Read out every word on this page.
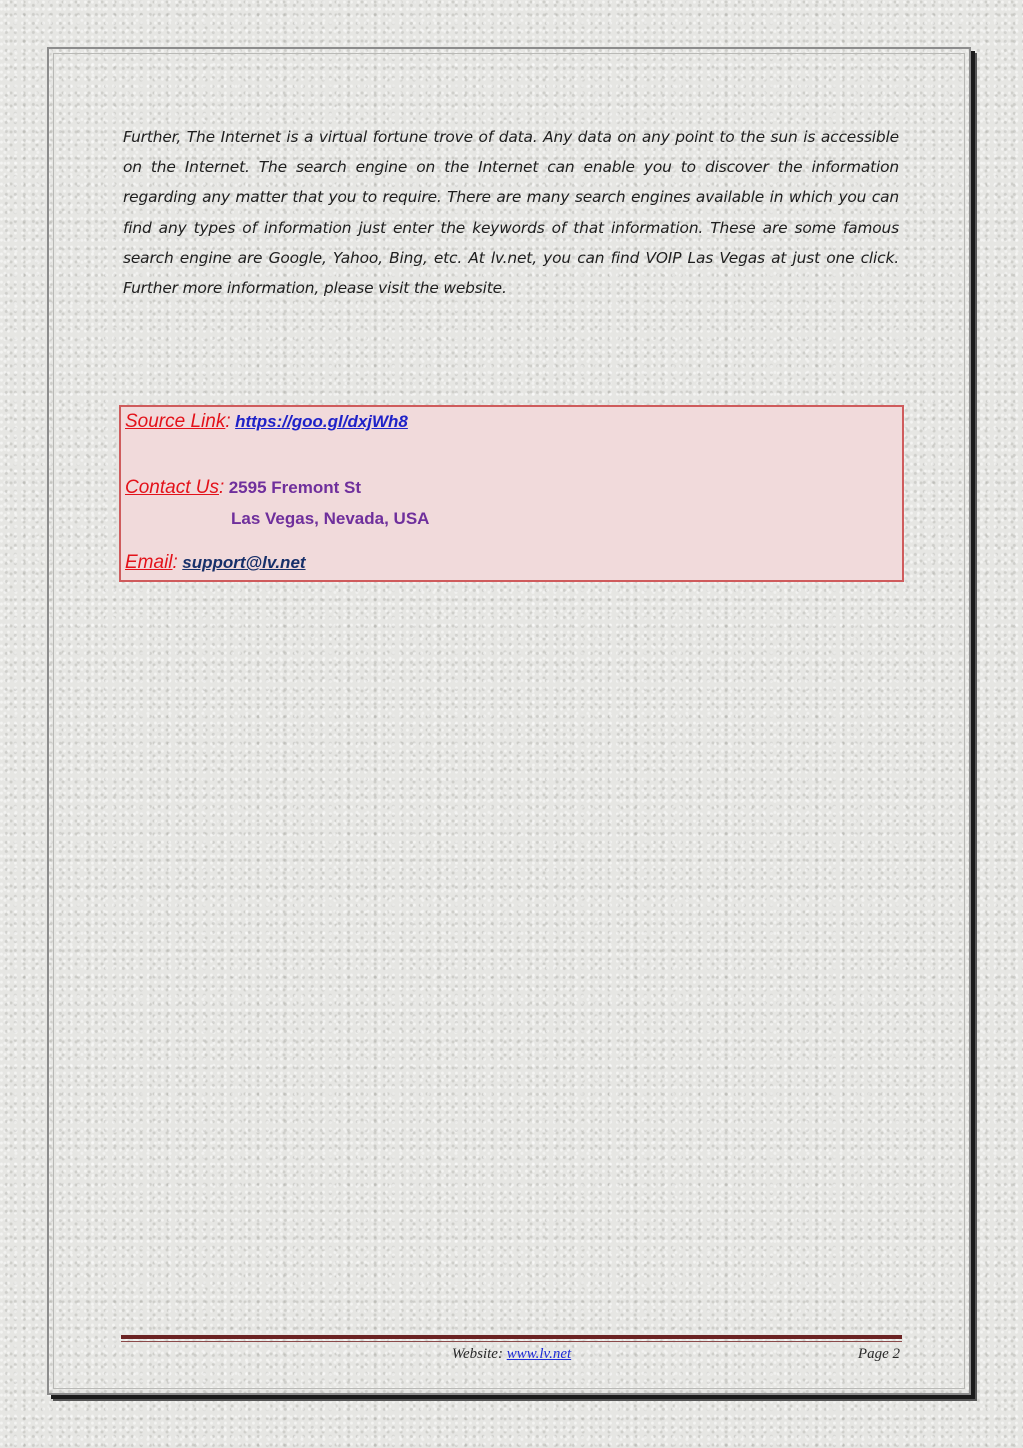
Further, The Internet is a virtual fortune trove of data. Any data on any point to the sun is accessible on the Internet. The search engine on the Internet can enable you to discover the information regarding any matter that you to require. There are many search engines available in which you can find any types of information just enter the keywords of that information. These are some famous search engine are Google, Yahoo, Bing, etc. At lv.net, you can find VOIP Las Vegas at just one click. Further more information, please visit the website.

Source Link: https://goo.gl/dxjWh8
Contact Us: 2595 Fremont St
Las Vegas, Nevada, USA
Email: support@lv.net
Website: www.lv.net	Page 2
